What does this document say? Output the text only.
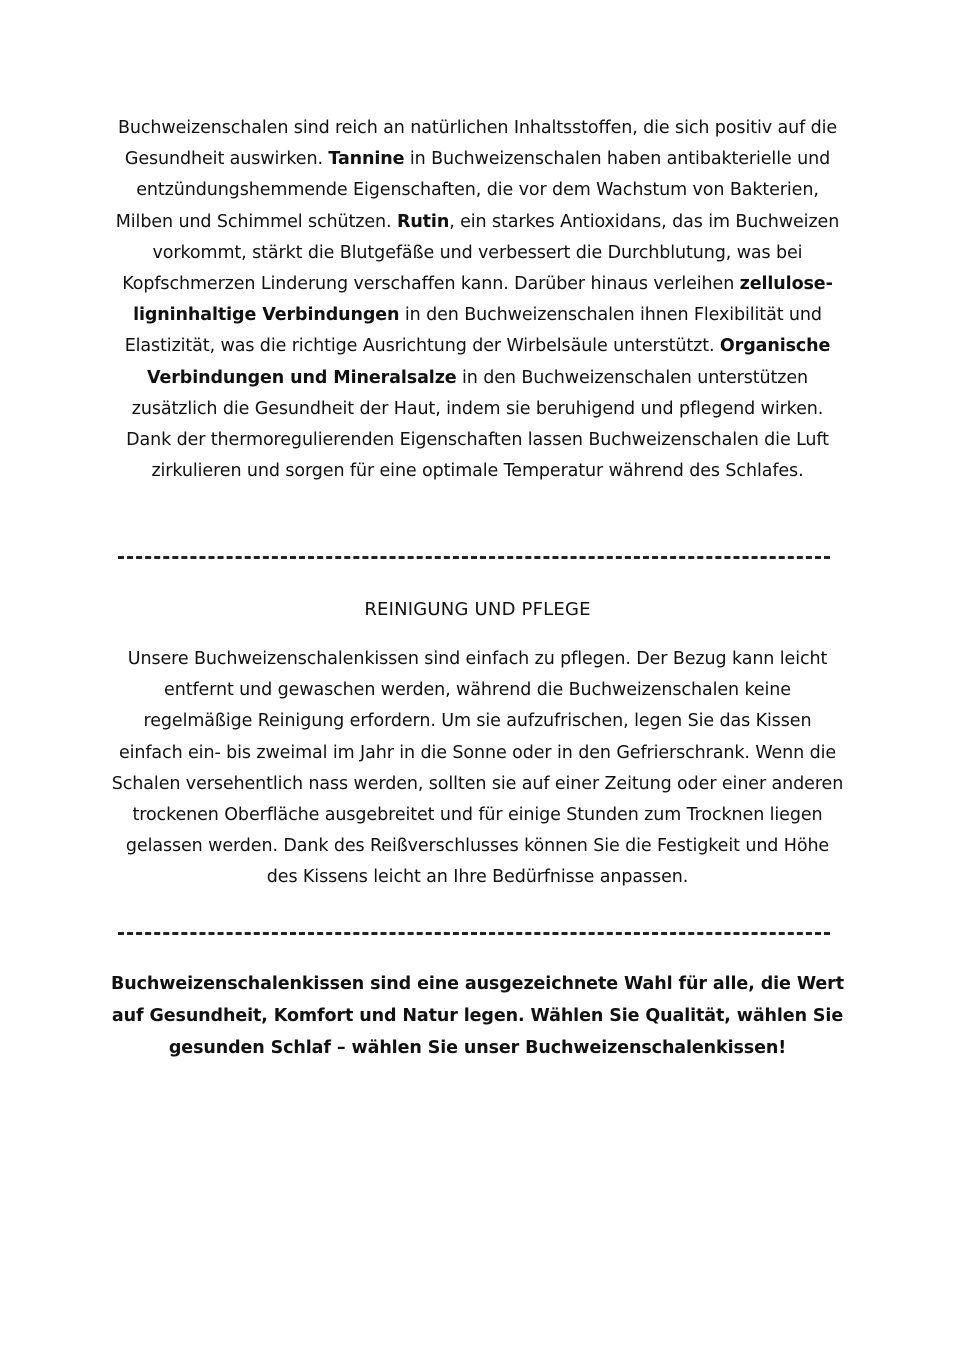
Buchweizenschalen sind reich an natürlichen Inhaltsstoffen, die sich positiv auf die Gesundheit auswirken. Tannine in Buchweizenschalen haben antibakterielle und entzündungshemmende Eigenschaften, die vor dem Wachstum von Bakterien, Milben und Schimmel schützen. Rutin, ein starkes Antioxidans, das im Buchweizen vorkommt, stärkt die Blutgefäße und verbessert die Durchblutung, was bei Kopfschmerzen Linderung verschaffen kann. Darüber hinaus verleihen zellulose-ligninhaltige Verbindungen in den Buchweizenschalen ihnen Flexibilität und Elastizität, was die richtige Ausrichtung der Wirbelsäule unterstützt. Organische Verbindungen und Mineralsalze in den Buchweizenschalen unterstützen zusätzlich die Gesundheit der Haut, indem sie beruhigend und pflegend wirken. Dank der thermoregulierenden Eigenschaften lassen Buchweizenschalen die Luft zirkulieren und sorgen für eine optimale Temperatur während des Schlafes.

REINIGUNG UND PFLEGE

Unsere Buchweizenschalenkissen sind einfach zu pflegen. Der Bezug kann leicht entfernt und gewaschen werden, während die Buchweizenschalen keine regelmäßige Reinigung erfordern. Um sie aufzufrischen, legen Sie das Kissen einfach ein- bis zweimal im Jahr in die Sonne oder in den Gefrierschrank. Wenn die Schalen versehentlich nass werden, sollten sie auf einer Zeitung oder einer anderen trockenen Oberfläche ausgebreitet und für einige Stunden zum Trocknen liegen gelassen werden. Dank des Reißverschlusses können Sie die Festigkeit und Höhe des Kissens leicht an Ihre Bedürfnisse anpassen.

Buchweizenschalenkissen sind eine ausgezeichnete Wahl für alle, die Wert auf Gesundheit, Komfort und Natur legen. Wählen Sie Qualität, wählen Sie gesunden Schlaf – wählen Sie unser Buchweizenschalenkissen!
